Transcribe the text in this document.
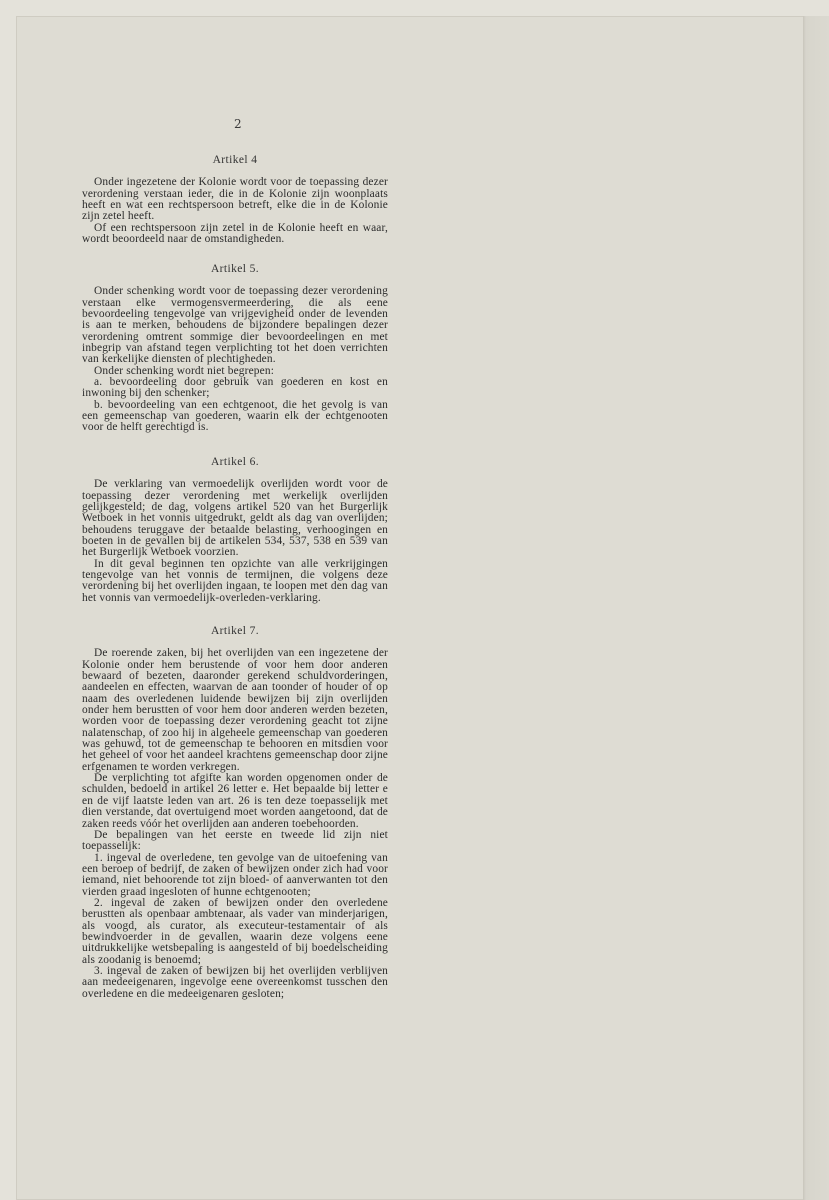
2
Artikel 4

Onder ingezetene der Kolonie wordt voor de toepassing dezer verordening verstaan ieder, die in de Kolonie zijn woonplaats heeft en wat een rechtspersoon betreft, elke die in de Kolonie zijn zetel heeft.

Of een rechtspersoon zijn zetel in de Kolonie heeft en waar, wordt beoordeeld naar de omstandigheden.

Artikel 5.

Onder schenking wordt voor de toepassing dezer verordening verstaan elke vermogensvermeerdering, die als eene bevoordeeling tengevolge van vrijgevigheid onder de levenden is aan te merken, behoudens de bijzondere bepalingen dezer verordening omtrent sommige dier bevoordeelingen en met inbegrip van afstand tegen verplichting tot het doen verrichten van kerkelijke diensten of plechtigheden.

Onder schenking wordt niet begrepen:

a. bevoordeeling door gebruik van goederen en kost en inwoning bij den schenker;

b. bevoordeeling van een echtgenoot, die het gevolg is van een gemeenschap van goederen, waarin elk der echtgenooten voor de helft gerechtigd is.

Artikel 6.

De verklaring van vermoedelijk overlijden wordt voor de toepassing dezer verordening met werkelijk overlijden gelijkgesteld; de dag, volgens artikel 520 van het Burgerlijk Wetboek in het vonnis uitgedrukt, geldt als dag van overlijden; behoudens teruggave der betaalde belasting, verhoogingen en boeten in de gevallen bij de artikelen 534, 537, 538 en 539 van het Burgerlijk Wetboek voorzien.

In dit geval beginnen ten opzichte van alle verkrijgingen tengevolge van het vonnis de termijnen, die volgens deze verordening bij het overlijden ingaan, te loopen met den dag van het vonnis van vermoedelijk-overleden-verklaring.

Artikel 7.

De roerende zaken, bij het overlijden van een ingezetene der Kolonie onder hem berustende of voor hem door anderen bewaard of bezeten, daaronder gerekend schuldvorderingen, aandeelen en effecten, waarvan de aan toonder of houder of op naam des overledenen luidende bewijzen bij zijn overlijden onder hem berustten of voor hem door anderen werden bezeten, worden voor de toepassing dezer verordening geacht tot zijne nalatenschap, of zoo hij in algeheele gemeenschap van goederen was gehuwd, tot de gemeenschap te behooren en mitsdien voor het geheel of voor het aandeel krachtens gemeenschap door zijne erfgenamen te worden verkregen.

De verplichting tot afgifte kan worden opgenomen onder de schulden, bedoeld in artikel 26 letter e. Het bepaalde bij letter e en de vijf laatste leden van art. 26 is ten deze toepasselijk met dien verstande, dat overtuigend moet worden aangetoond, dat de zaken reeds vóór het overlijden aan anderen toebehoorden.

De bepalingen van het eerste en tweede lid zijn niet toepasselijk:

1. ingeval de overledene, ten gevolge van de uitoefening van een beroep of bedrijf, de zaken of bewijzen onder zich had voor iemand, niet behoorende tot zijn bloed- of aanverwanten tot den vierden graad ingesloten of hunne echtgenooten;

2. ingeval de zaken of bewijzen onder den overledene berustten als openbaar ambtenaar, als vader van minderjarigen, als voogd, als curator, als executeur-testamentair of als bewindvoerder in de gevallen, waarin deze volgens eene uitdrukkelijke wetsbepaling is aangesteld of bij boedelscheiding als zoodanig is benoemd;

3. ingeval de zaken of bewijzen bij het overlijden verblijven aan medeeigenaren, ingevolge eene overeenkomst tusschen den overledene en die medeeigenaren gesloten;
